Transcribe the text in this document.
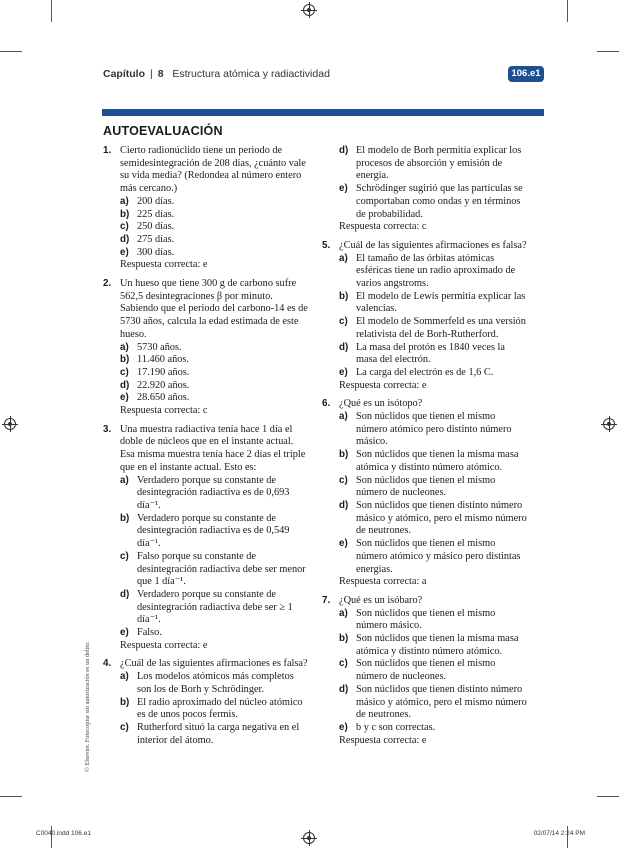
Capítulo | 8 Estructura atómica y radiactividad	106.e1
AUTOEVALUACIÓN
1. Cierto radionúclido tiene un periodo de semidesintegración de 208 días, ¿cuánto vale su vida media? (Redondea al número entero más cercano.)
a) 200 días.
b) 225 días.
c) 250 días.
d) 275 días.
e) 300 días.
Respuesta correcta: e
2. Un hueso que tiene 300 g de carbono sufre 562,5 desintegraciones β por minuto. Sabiendo que el periodo del carbono-14 es de 5730 años, calcula la edad estimada de este hueso.
a) 5730 años.
b) 11.460 años.
c) 17.190 años.
d) 22.920 años.
e) 28.650 años.
Respuesta correcta: c
3. Una muestra radiactiva tenía hace 1 día el doble de núcleos que en el instante actual. Esa misma muestra tenía hace 2 días el triple que en el instante actual. Esto es:
a) Verdadero porque su constante de desintegración radiactiva es de 0,693 día⁻¹.
b) Verdadero porque su constante de desintegración radiactiva es de 0,549 día⁻¹.
c) Falso porque su constante de desintegración radiactiva debe ser menor que 1 día⁻¹.
d) Verdadero porque su constante de desintegración radiactiva debe ser ≥ 1 día⁻¹.
e) Falso.
Respuesta correcta: e
4. ¿Cuál de las siguientes afirmaciones es falsa?
a) Los modelos atómicos más completos son los de Borh y Schrödinger.
b) El radio aproximado del núcleo atómico es de unos pocos fermis.
c) Rutherford situó la carga negativa en el interior del átomo.
d) El modelo de Borh permitía explicar los procesos de absorción y emisión de energía.
e) Schrödinger sugirió que las partículas se comportaban como ondas y en términos de probabilidad.
Respuesta correcta: c
5. ¿Cuál de las siguientes afirmaciones es falsa?
a) El tamaño de las órbitas atómicas esféricas tiene un radio aproximado de varios angstroms.
b) El modelo de Lewis permitía explicar las valencias.
c) El modelo de Sommerfeld es una versión relativista del de Borh-Rutherford.
d) La masa del protón es 1840 veces la masa del electrón.
e) La carga del electrón es de 1,6 C.
Respuesta correcta: e
6. ¿Qué es un isótopo?
a) Son núclidos que tienen el mismo número atómico pero distinto número másico.
b) Son núclidos que tienen la misma masa atómica y distinto número atómico.
c) Son núclidos que tienen el mismo número de nucleones.
d) Son núclidos que tienen distinto número másico y atómico, pero el mismo número de neutrones.
e) Son núclidos que tienen el mismo número atómico y másico pero distintas energías.
Respuesta correcta: a
7. ¿Qué es un isóbaro?
a) Son núclidos que tienen el mismo número másico.
b) Son núclidos que tienen la misma masa atómica y distinto número atómico.
c) Son núclidos que tienen el mismo número de nucleones.
d) Son núclidos que tienen distinto número másico y atómico, pero el mismo número de neutrones.
e) b y c son correctas.
Respuesta correcta: e
© Elsevier. Fotocopiar sin autorización es un delito.
C0040.indd 106.e1	02/07/14 2:24 PM
